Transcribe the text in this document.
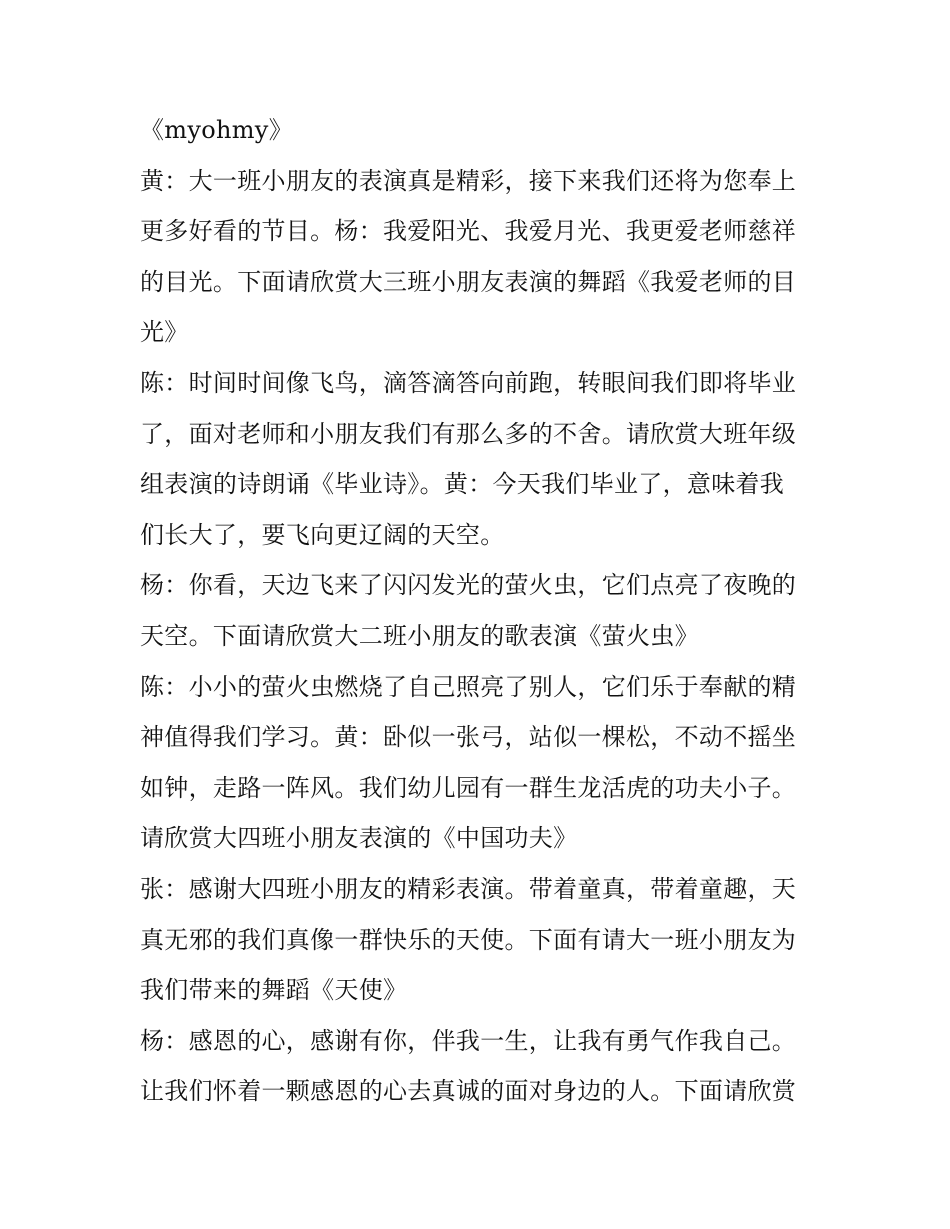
《myohmy》
黄：大一班小朋友的表演真是精彩，接下来我们还将为您奉上
更多好看的节目。杨：我爱阳光、我爱月光、我更爱老师慈祥
的目光。下面请欣赏大三班小朋友表演的舞蹈《我爱老师的目
光》
陈：时间时间像飞鸟，滴答滴答向前跑，转眼间我们即将毕业
了，面对老师和小朋友我们有那么多的不舍。请欣赏大班年级
组表演的诗朗诵《毕业诗》。黄：今天我们毕业了，意味着我
们长大了，要飞向更辽阔的天空。
杨：你看，天边飞来了闪闪发光的萤火虫，它们点亮了夜晚的
天空。下面请欣赏大二班小朋友的歌表演《萤火虫》
陈：小小的萤火虫燃烧了自己照亮了别人，它们乐于奉献的精
神值得我们学习。黄：卧似一张弓，站似一棵松，不动不摇坐
如钟，走路一阵风。我们幼儿园有一群生龙活虎的功夫小子。
请欣赏大四班小朋友表演的《中国功夫》
张：感谢大四班小朋友的精彩表演。带着童真，带着童趣，天
真无邪的我们真像一群快乐的天使。下面有请大一班小朋友为
我们带来的舞蹈《天使》
杨：感恩的心，感谢有你，伴我一生，让我有勇气作我自己。
让我们怀着一颗感恩的心去真诚的面对身边的人。下面请欣赏
